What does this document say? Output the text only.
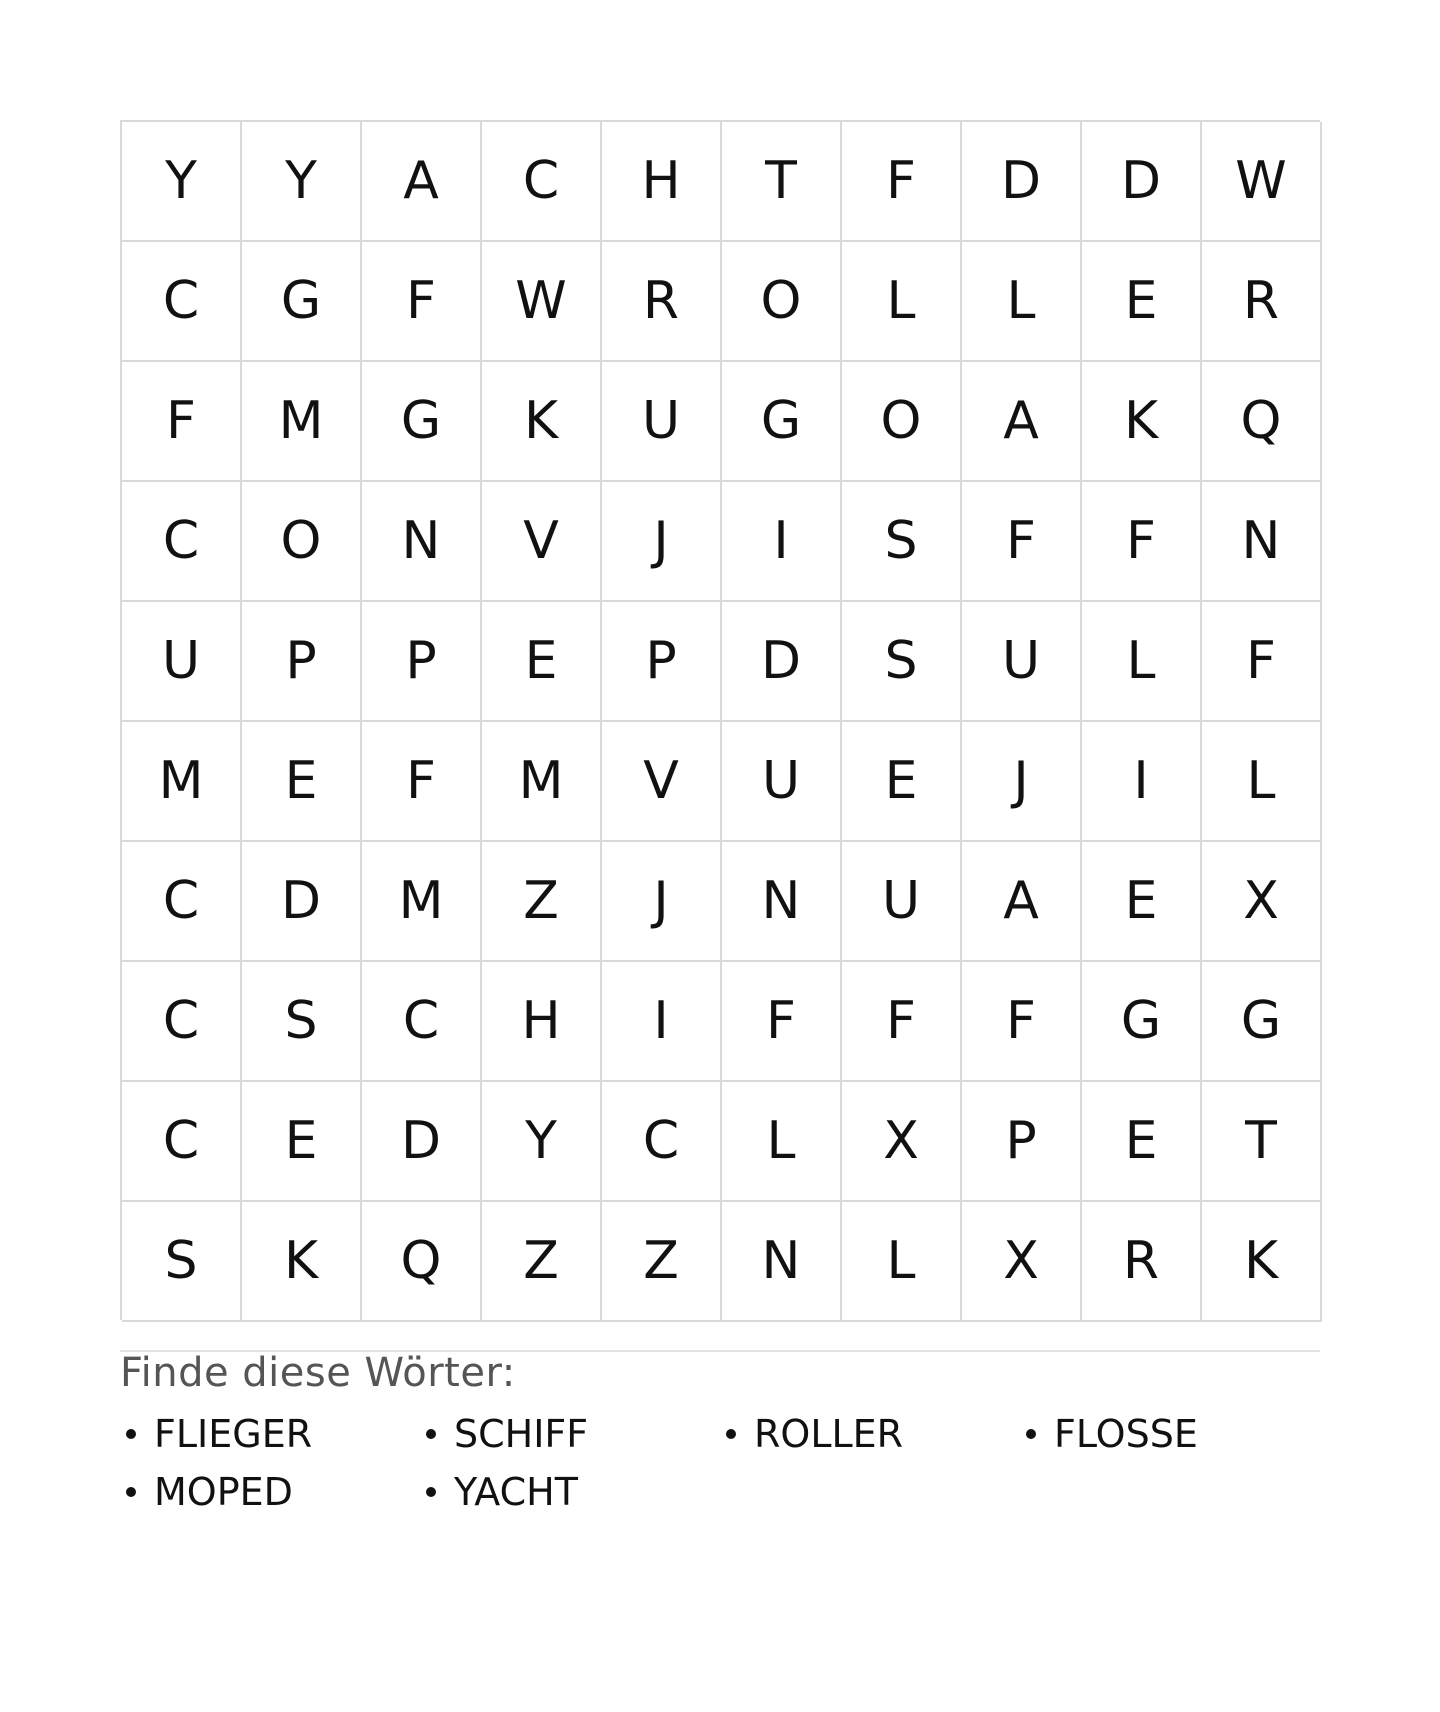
Y	Y	A	C	H	T	F	D	D	W
C	G	F	W	R	O	L	L	E	R
F	M	G	K	U	G	O	A	K	Q
C	O	N	V	J	I	S	F	F	N
U	P	P	E	P	D	S	U	L	F
M	E	F	M	V	U	E	J	I	L
C	D	M	Z	J	N	U	A	E	X
C	S	C	H	I	F	F	F	G	G
C	E	D	Y	C	L	X	P	E	T
S	K	Q	Z	Z	N	L	X	R	K
Finde diese Wörter:
FLIEGER	SCHIFF	ROLLER	FLOSSE
MOPED	YACHT
